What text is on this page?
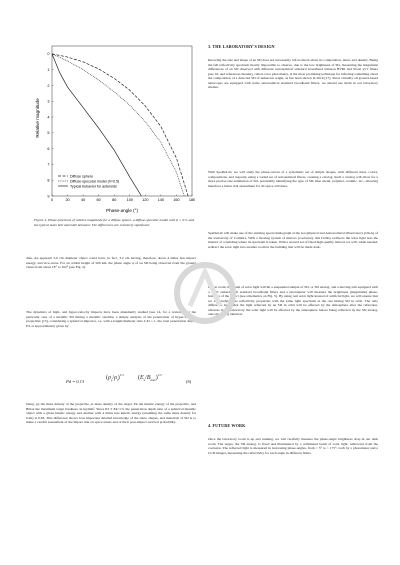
0	20	40	60	80	100 120 140 160 180
0
1
2
3
4
5
6
7
8
9
Diffuse sphere
Diffuse-specular model (h=0.5)
Typical behavior for asteroids
Relative magnitude
Phase-angle (°)

Figure 4. Phase-functions of relative magnitude for a diffuse sphere, a diffuse-specular model with β = 0.5, and the typical main belt asteroids behavior. The differences are extremely significant.

dius. An apparent 5.0 cm diameter object could have, in fact, 3.2 cm having, therefore, about 4 times less impact energy, and vice-versa. For an orbital height of 500 km, the phase angle φ of an SD being observed from the ground varies from about 18° to 162° (see Fig. 2).

The dynamics of high- and hyper-velocity impacts have been abundantly studied [see 14, for a review]. For the particular case of a metallic SD hitting a metallic satellite, a simple analysis of the penetration of hyper-velocity projectiles [15], considering a spherical impactor, i.e. with a length/diameter ratio L/D = 1, the total penetration depth, Pd, is approximately given by:

Pd = 0.13
$(\rho_p/\rho_t)^{1/3}$ $(E_k/B_{max})^{1/3}$
(6)

being, ρp the mass density of the projectile, ρt mass density of the target, Ek the kinetic energy of the projectile, and Bmax the maximum target hardness, in kg/mm². Since Pd ∝ Ek^1/3, the penetration depth ratio of a spherical metallic object with a given kinetic energy and another with 4 times less kinetic energy (assuming the same mass density for both) is 0.63. This difference shows how important detailed knowledge of the sizes, shapes, and materials of SD is to make a careful assessment of the impact risk on space assets and of their post-impact survival probability.

3. THE LABORATORY'S DESIGN

Knowing the size and shape of an SD does not necessarily tell us much about its composition, mass, and density. Being the full reflectivity spectrum mostly impossible to observe, due to the low brightness of SD, measuring the magnitude differences of an SD observed with different astronomical standard broadband Johnson BVRI and Sloan g'r'i' filters [see 16, and references therein], called color photometry, is the most promising technique for inferring something about the composition of a detected SD of unknown origin, as has been shown in 2019 [17]. Since virtually all ground-based telescopes are equipped with some astronomical standard broadband filters, we should use them in our laboratory studies.

With SpaDeLab, we will study the phase-curves of a systematic set of simple shapes, with different sizes, colors, compositions, and rugosity, using a varied set of astronomical filters, creating a catalog. Such a catalog will allow for a more precise size estimation of SD, potentially identifying the type of SD, like: metal, polymer, ceramic, etc., allowing therefore a better risk assessment for all space activities.

SpaDeLab will make use of the existing spectroheliograph at the Geophysical and Astronomical Observatory (OGA) of the University of Coimbra. With a moving system of mirrors (coelostat), this facility redirects the solar light into the interior of a building where its spectrum is taken. With a second set of fixed high-quality mirrors we will, when needed, redirect the solar light into another room in the building that will be made dark.

In that room, the beam of solar light will hit a suspended sample of SD, or SD analog, and a moving arm equipped with a CCD camera with standard broadband filters and a photometer will measure the brightness (magnitude) phase-function of the object (see schematics on Fig. 5). By using real solar light instead of artificial light, we will ensure that we are studying the reflectivity properties with the same light spectrum as the one hitting SD in orbit. The only difference being that the light reflected by an SD in orbit will be affected by the atmosphere after the reflection, whereas in the laboratory the solar light will be affected by the atmosphere before being reflected by the SD analog, outcome being identical.

4. FUTURE WORK

Once the laboratory room is up and running, we will carefully measure the phase-angle brightness drop in our dark room. The target, the SD analog, is fixed and illuminated by a collimated beam of solar light, redirected from the coelostat. The reflected light is measured in increasing phase-angles, from ~ 5° to ~ 175°, both by a photometer and a CCD imager, measuring the reflectivity for each angle in different filters.
